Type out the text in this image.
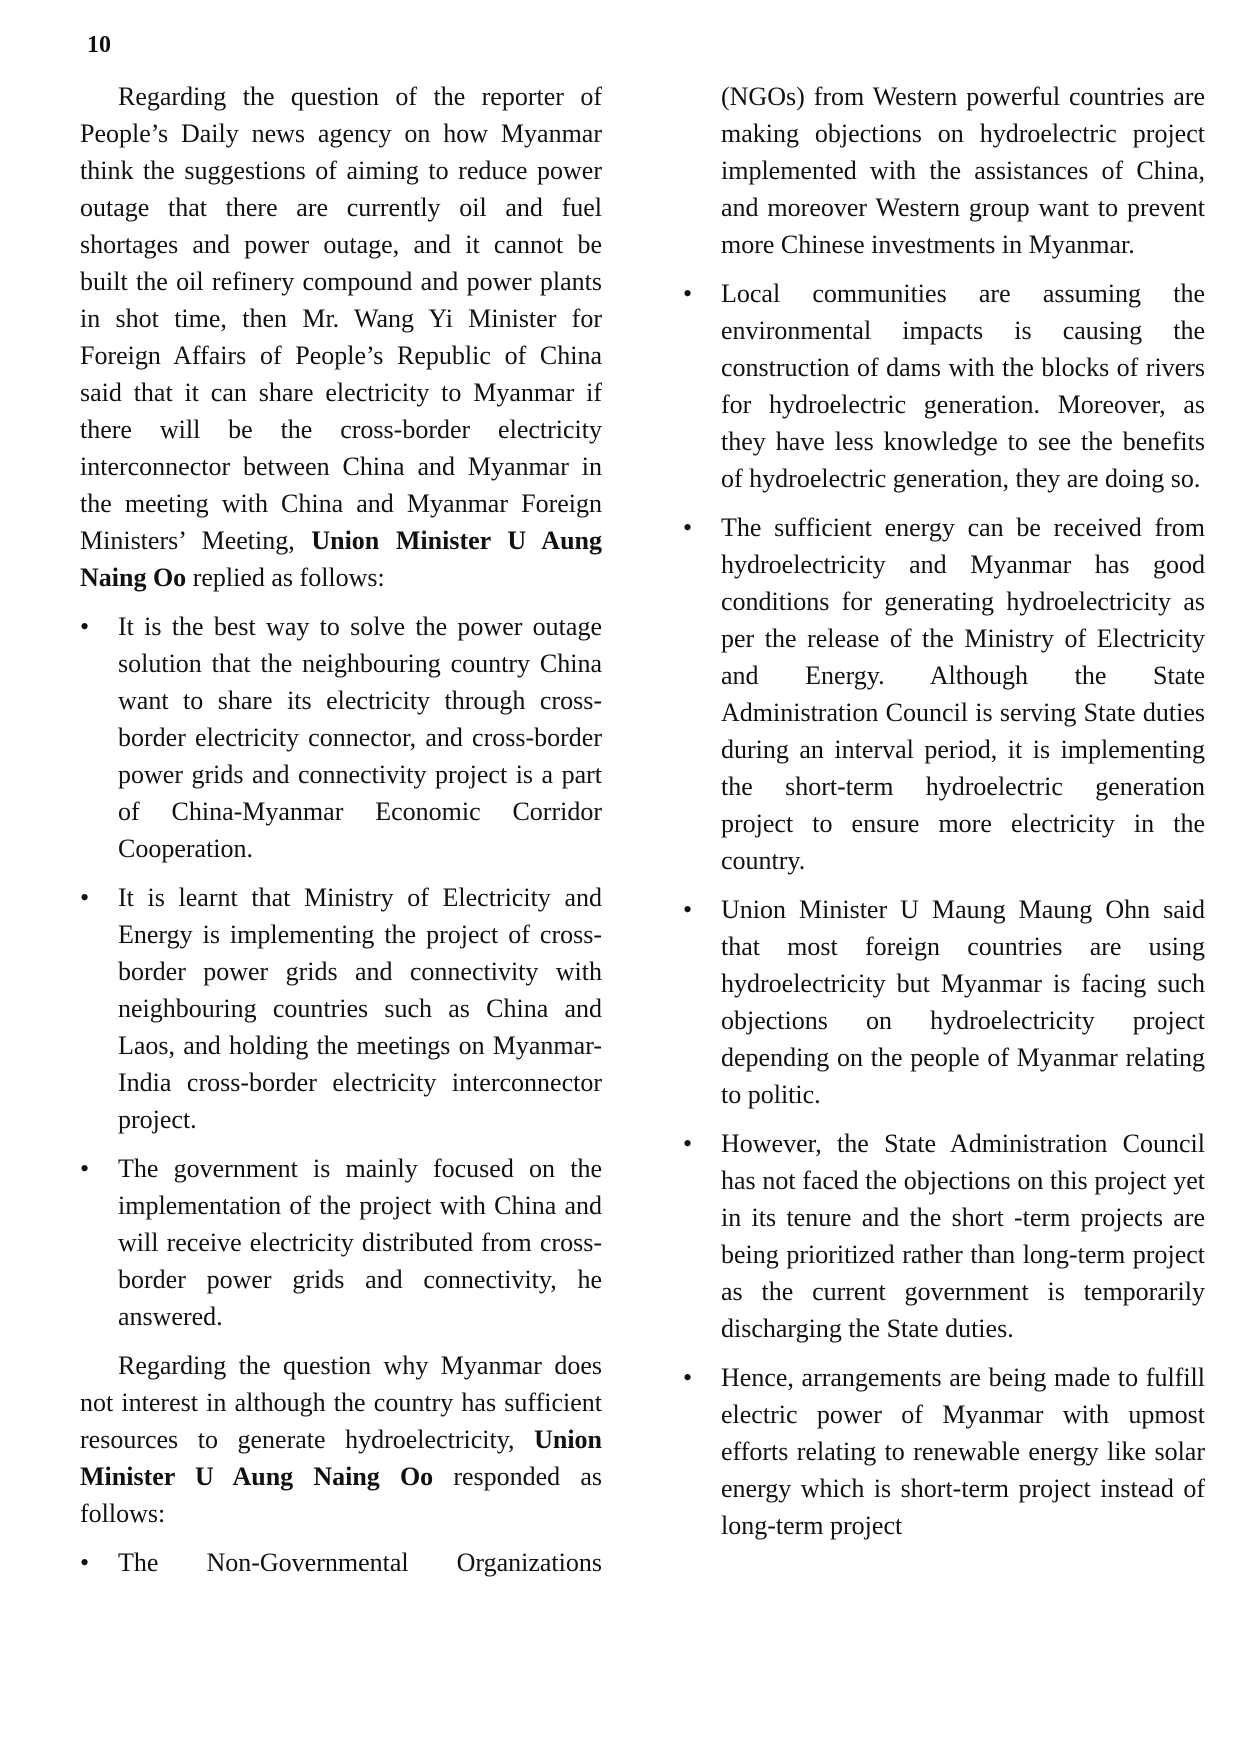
10

Regarding the question of the reporter of People’s Daily news agency on how Myanmar think the suggestions of aiming to reduce power outage that there are currently oil and fuel shortages and power outage, and it cannot be built the oil refinery compound and power plants in shot time, then Mr. Wang Yi Minister for Foreign Affairs of People’s Republic of China said that it can share electricity to Myanmar if there will be the cross-border electricity interconnector between China and Myanmar in the meeting with China and Myanmar Foreign Ministers’ Meeting, Union Minister U Aung Naing Oo replied as follows:

• It is the best way to solve the power outage solution that the neighbouring country China want to share its electricity through cross-border electricity connector, and cross-border power grids and connectivity project is a part of China-Myanmar Economic Corridor Cooperation.
• It is learnt that Ministry of Electricity and Energy is implementing the project of cross-border power grids and connectivity with neighbouring countries such as China and Laos, and holding the meetings on Myanmar-India cross-border electricity interconnector project.
• The government is mainly focused on the implementation of the project with China and will receive electricity distributed from cross-border power grids and connectivity, he answered.

Regarding the question why Myanmar does not interest in although the country has sufficient resources to generate hydroelectricity, Union Minister U Aung Naing Oo responded as follows:

• The Non-Governmental Organizations
(NGOs) from Western powerful countries are making objections on hydroelectric project implemented with the assistances of China, and moreover Western group want to prevent more Chinese investments in Myanmar.
• Local communities are assuming the environmental impacts is causing the construction of dams with the blocks of rivers for hydroelectric generation. Moreover, as they have less knowledge to see the benefits of hydroelectric generation, they are doing so.
• The sufficient energy can be received from hydroelectricity and Myanmar has good conditions for generating hydroelectricity as per the release of the Ministry of Electricity and Energy. Although the State Administration Council is serving State duties during an interval period, it is implementing the short-term hydroelectric generation project to ensure more electricity in the country.
• Union Minister U Maung Maung Ohn said that most foreign countries are using hydroelectricity but Myanmar is facing such objections on hydroelectricity project depending on the people of Myanmar relating to politic.
• However, the State Administration Council has not faced the objections on this project yet in its tenure and the short -term projects are being prioritized rather than long-term project as the current government is temporarily discharging the State duties.
• Hence, arrangements are being made to fulfill electric power of Myanmar with upmost efforts relating to renewable energy like solar energy which is short-term project instead of long-term project
